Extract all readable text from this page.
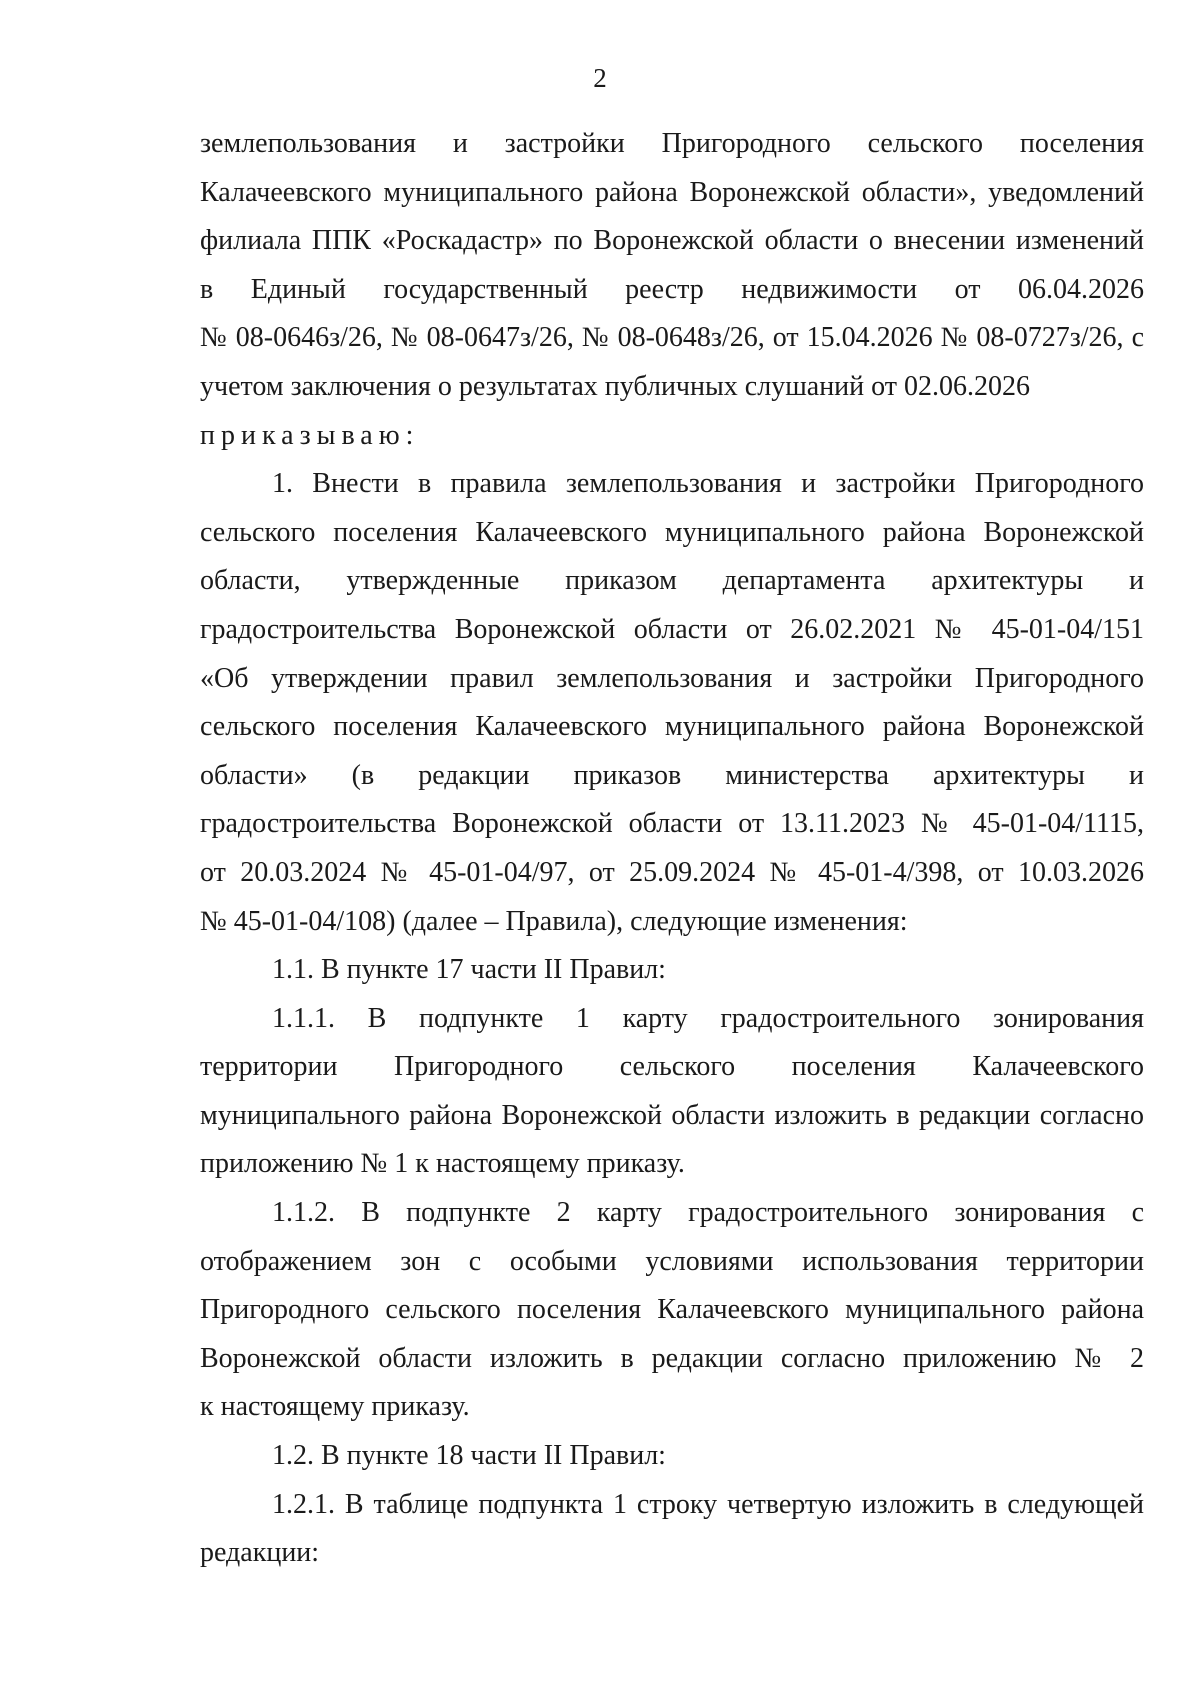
2
землепользования и застройки Пригородного сельского поселения
Калачеевского муниципального района Воронежской области», уведомлений
филиала ППК «Роскадастр» по Воронежской области о внесении изменений
в Единый государственный реестр недвижимости от 06.04.2026
№ 08-0646з/26, № 08-0647з/26, № 08-0648з/26, от 15.04.2026 № 08-0727з/26, с
учетом заключения о результатах публичных слушаний от 02.06.2026
приказываю:
1. Внести в правила землепользования и застройки Пригородного
сельского поселения Калачеевского муниципального района Воронежской
области, утвержденные приказом департамента архитектуры и
градостроительства Воронежской области от 26.02.2021 № 45-01-04/151
«Об утверждении правил землепользования и застройки Пригородного
сельского поселения Калачеевского муниципального района Воронежской
области» (в редакции приказов министерства архитектуры и
градостроительства Воронежской области от 13.11.2023 № 45-01-04/1115,
от 20.03.2024 № 45-01-04/97, от 25.09.2024 № 45-01-4/398, от 10.03.2026
№ 45-01-04/108) (далее – Правила), следующие изменения:
1.1. В пункте 17 части II Правил:
1.1.1. В подпункте 1 карту градостроительного зонирования
территории Пригородного сельского поселения Калачеевского
муниципального района Воронежской области изложить в редакции согласно
приложению № 1 к настоящему приказу.
1.1.2. В подпункте 2 карту градостроительного зонирования с
отображением зон с особыми условиями использования территории
Пригородного сельского поселения Калачеевского муниципального района
Воронежской области изложить в редакции согласно приложению № 2
к настоящему приказу.
1.2. В пункте 18 части II Правил:
1.2.1. В таблице подпункта 1 строку четвертую изложить в следующей
редакции:
